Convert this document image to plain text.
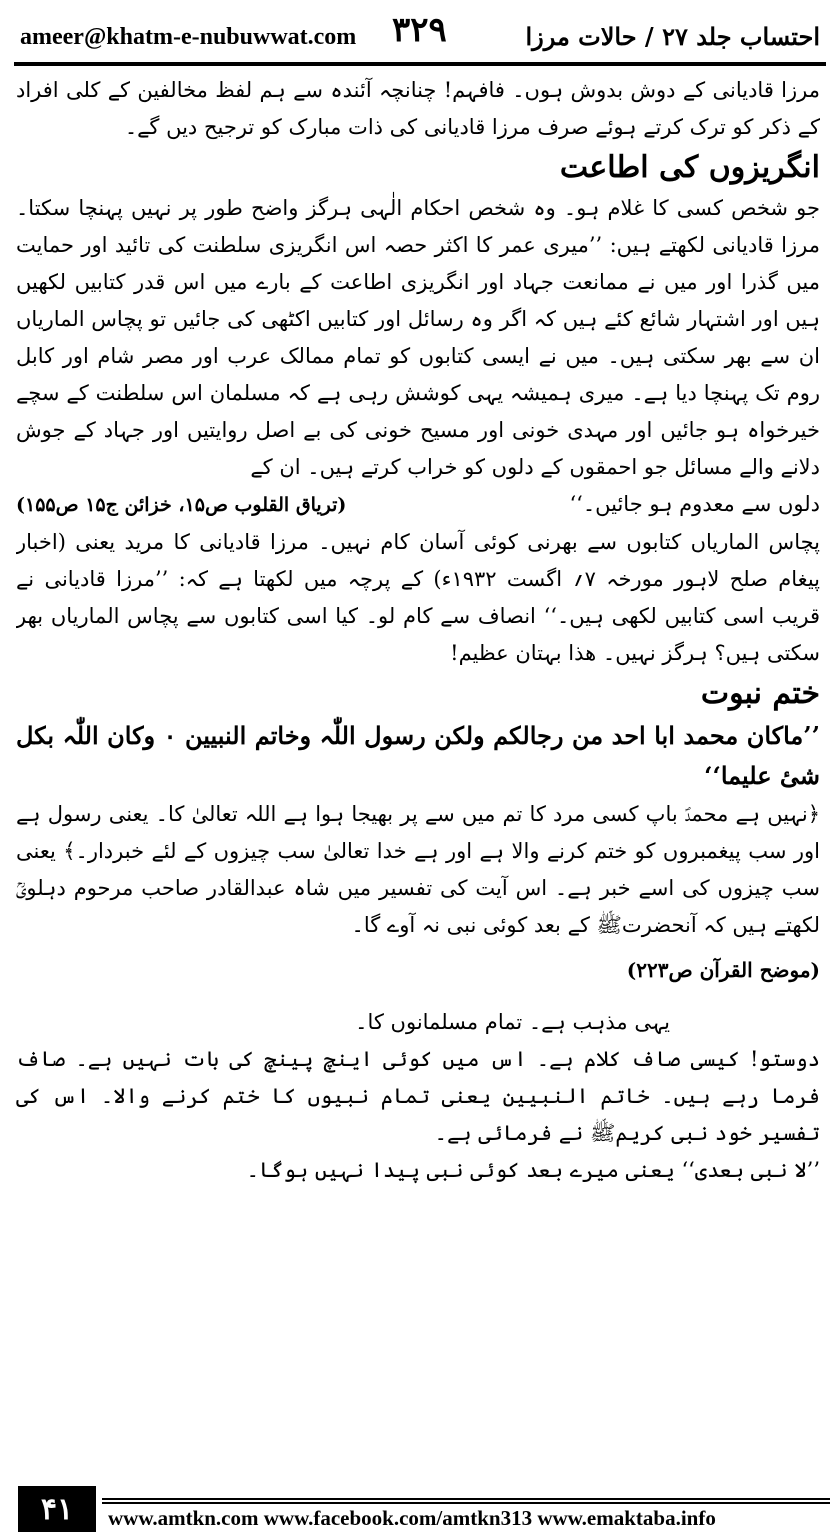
ameer@khatm-e-nubuwwat.com ۳۲۹	احتساب جلد ۲۷ / حالات مرزا

مرزا قادیانی کے دوش بدوش ہوں۔ فافہم! چنانچہ آئندہ سے ہم لفظ مخالفین کے کلی افراد کے ذکر کو ترک کرتے ہوئے صرف مرزا قادیانی کی ذات مبارک کو ترجیح دیں گے۔

انگریزوں کی اطاعت

جو شخص کسی کا غلام ہو۔ وہ شخص احکام الٰہی ہرگز واضح طور پر نہیں پہنچا سکتا۔ مرزا قادیانی لکھتے ہیں: ’’میری عمر کا اکثر حصہ اس انگریزی سلطنت کی تائید اور حمایت میں گذرا اور میں نے ممانعت جہاد اور انگریزی اطاعت کے بارے میں اس قدر کتابیں لکھیں ہیں اور اشتہار شائع کئے ہیں کہ اگر وہ رسائل اور کتابیں اکٹھی کی جائیں تو پچاس الماریاں ان سے بھر سکتی ہیں۔ میں نے ایسی کتابوں کو تمام ممالک عرب اور مصر شام اور کابل روم تک پہنچا دیا ہے۔ میری ہمیشہ یہی کوشش رہی ہے کہ مسلمان اس سلطنت کے سچے خیرخواہ ہو جائیں اور مہدی خونی اور مسیح خونی کی بے اصل روایتیں اور جہاد کے جوش دلانے والے مسائل جو احمقوں کے دلوں کو خراب کرتے ہیں۔ ان کے

دلوں سے معدوم ہو جائیں۔‘‘
(تریاق القلوب ص۱۵، خزائن ج۱۵ ص۱۵۵)

پچاس الماریاں کتابوں سے بھرنی کوئی آسان کام نہیں۔ مرزا قادیانی کا مرید یعنی (اخبار پیغام صلح لاہور مورخہ ۷؍ اگست ۱۹۳۲ء) کے پرچہ میں لکھتا ہے کہ: ’’مرزا قادیانی نے قریب اسی کتابیں لکھی ہیں۔‘‘ انصاف سے کام لو۔ کیا اسی کتابوں سے پچاس الماریاں بھر سکتی ہیں؟ ہرگز نہیں۔ ھذا بہتان عظیم!

ختم نبوت

’’ماکان محمد ابا احد من رجالکم ولکن رسول اللّٰہ وخاتم النبیین ۰ وکان اللّٰہ بکل شیٔ علیما‘‘

﴿نہیں ہے محمدؐ باپ کسی مرد کا تم میں سے پر بھیجا ہوا ہے اللہ تعالیٰ کا۔ یعنی رسول ہے اور سب پیغمبروں کو ختم کرنے والا ہے اور ہے خدا تعالیٰ سب چیزوں کے لئے خبردار۔﴾ یعنی سب چیزوں کی اسے خبر ہے۔ اس آیت کی تفسیر میں شاہ عبدالقادر صاحب مرحوم دہلویؒ لکھتے ہیں کہ آنحضرتﷺ کے بعد کوئی نبی نہ آوے گا۔

(موضح القرآن ص۲۲۳)

یہی مذہب ہے۔ تمام مسلمانوں کا۔

دوستو! کیسی صاف کلام ہے۔ اس میں کوئی اینچ پینچ کی بات نہیں ہے۔ صاف فرما رہے ہیں۔ خاتم النبیین یعنی تمام نبیوں کا ختم کرنے والا۔ اس کی تفسیر خود نبی کریمﷺ نے فرمائی ہے۔

’’لا نبی بعدی‘‘ یعنی میرے بعد کوئی نبی پیدا نہیں ہوگا۔

۴۱	www.amtkn.com www.facebook.com/amtkn313 www.emaktaba.info
